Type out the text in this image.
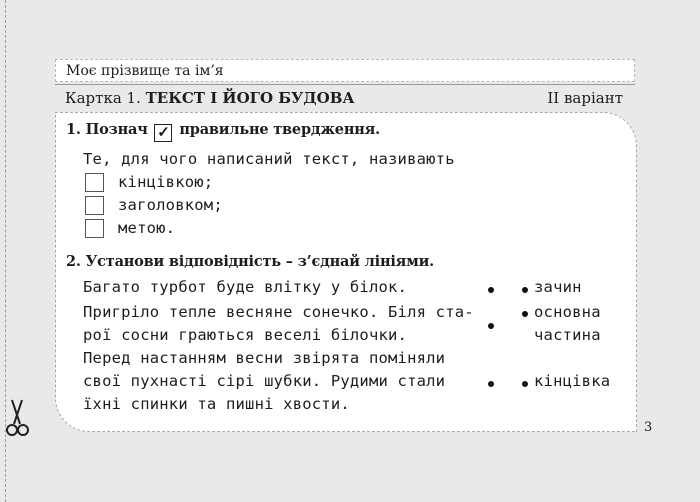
Моє прізвище та ім’я
Картка 1. ТЕКСТ І ЙОГО БУДОВА	ІІ варіант
1. Познач ✓ правильне твердження.
Те, для чого написаний текст, називають
кінцівкою;
заголовком;
метою.
2. Установи відповідність – з’єднай лініями.
Багато турбот буде влітку у білок.
Пригріло тепле весняне сонечко. Біля ста-
рої сосни граються веселі білочки.
Перед настанням весни звірята поміняли
свої пухнасті сірі шубки. Рудими стали
їхні спинки та пишні хвости.
зачин
основна
частина
кінцівка
3
